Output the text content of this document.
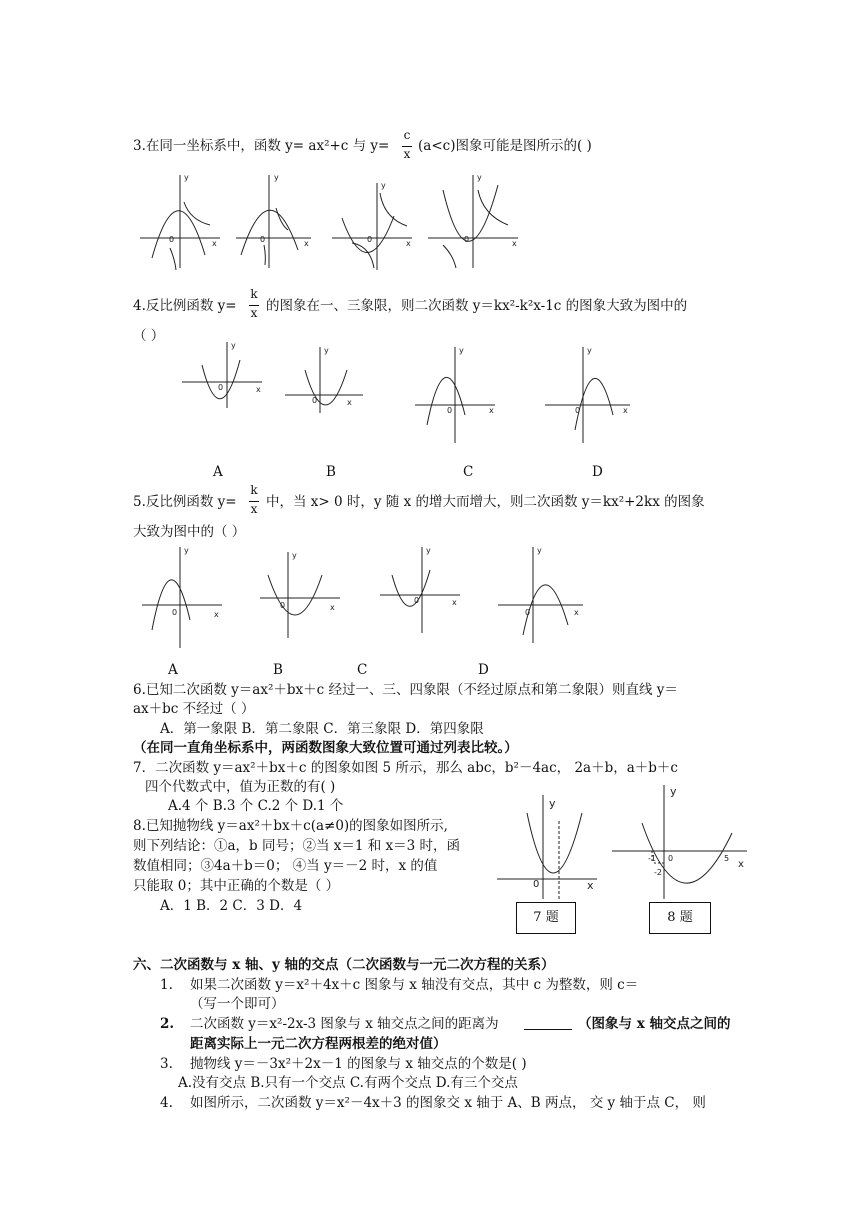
3.在同一坐标系中，函数 y= ax²+c 与 y=
c
x (a<c)图象可能是图所示的( )
y
x
0
y
x
0
y
x
0
y
x
0
4.反比例函数 y=
k
x 的图象在一、三象限，则二次函数 y＝kx²-k²x-1c 的图象大致为图中的
（ ）
y
x
0
y
x
0
y
x
0
y
x
0
A	B	C	D
5.反比例函数 y=
k
x 中，当 x> 0 时，y 随 x 的增大而增大，则二次函数 y＝kx²+2kx 的图象
大致为图中的（ ）
y
x
0
y
x
0
y
x
0
y
x
0
A	B	C	D
6.已知二次函数 y＝ax²＋bx＋c 经过一、三、四象限（不经过原点和第二象限）则直线 y＝
ax＋bc 不经过（ ）
A．第一象限 B．第二象限 C．第三象限 D．第四象限
（在同一直角坐标系中，两函数图象大致位置可通过列表比较。）
7．二次函数 y＝ax²＋bx＋c 的图象如图 5 所示，那么 abc，b²－4ac， 2a＋b，a＋b＋c
四个代数式中，值为正数的有( )
A.4 个 B.3 个 C.2 个 D.1 个
8.已知抛物线 y＝ax²＋bx＋c(a≠0)的图象如图所示,
则下列结论：①a，b 同号；②当 x＝1 和 x＝3 时，函
数值相同；③4a＋b＝0； ④当 y＝－2 时，x 的值
只能取 0；其中正确的个数是（ ）
A．1 B．2 C．3 D．4
y
x
0
7 题
y
x
-1 0	5
-2
8 题
六、二次函数与 x 轴、y 轴的交点（二次函数与一元二次方程的关系）
1. 如果二次函数 y＝x²＋4x＋c 图象与 x 轴没有交点，其中 c 为整数，则 c＝
（写一个即可）
2. 二次函数 y＝x²-2x-3 图象与 x 轴交点之间的距离为	（图象与 x 轴交点之间的
距离实际上一元二次方程两根差的绝对值）
3. 抛物线 y＝－3x²＋2x－1 的图象与 x 轴交点的个数是( )
A.没有交点 B.只有一个交点 C.有两个交点 D.有三个交点
4. 如图所示，二次函数 y＝x²－4x＋3 的图象交 x 轴于 A、B 两点， 交 y 轴于点 C， 则
